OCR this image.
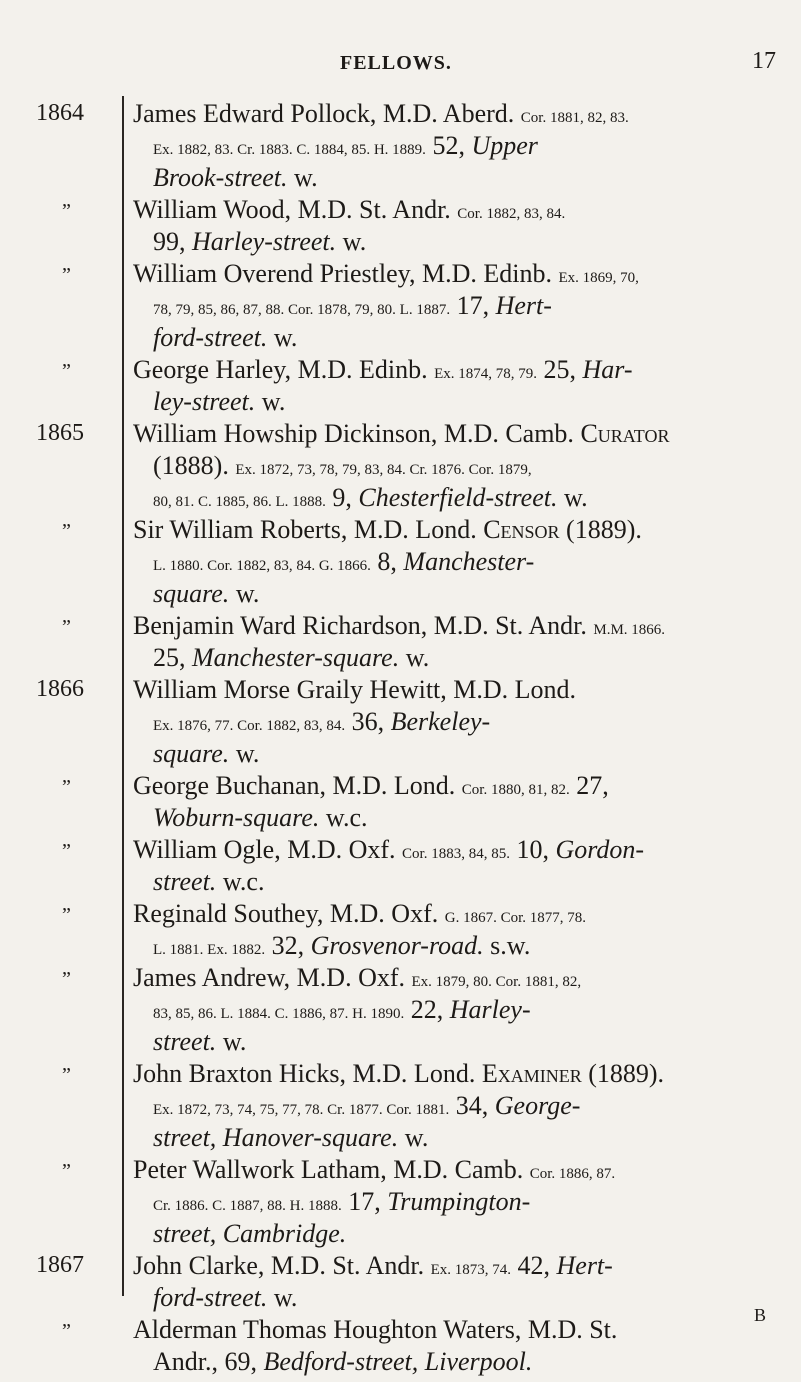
FELLOWS.	17
1864	James Edward Pollock, M.D. Aberd. Cor. 1881, 82, 83.
Ex. 1882, 83. Cr. 1883. C. 1884, 85. H. 1889. 52, Upper
Brook-street. w.
”	William Wood, M.D. St. Andr. Cor. 1882, 83, 84.
99, Harley-street. w.
”	William Overend Priestley, M.D. Edinb. Ex. 1869, 70,
78, 79, 85, 86, 87, 88. Cor. 1878, 79, 80. L. 1887. 17, Hert-
ford-street. w.
”	George Harley, M.D. Edinb. Ex. 1874, 78, 79. 25, Har-
ley-street. w.
1865	William Howship Dickinson, M.D. Camb. Curator
(1888). Ex. 1872, 73, 78, 79, 83, 84. Cr. 1876. Cor. 1879,
80, 81. C. 1885, 86. L. 1888. 9, Chesterfield-street. w.
”	Sir William Roberts, M.D. Lond. Censor (1889).
L. 1880. Cor. 1882, 83, 84. G. 1866. 8, Manchester-
square. w.
”	Benjamin Ward Richardson, M.D. St. Andr. M.M. 1866.
25, Manchester-square. w.
1866	William Morse Graily Hewitt, M.D. Lond.
Ex. 1876, 77. Cor. 1882, 83, 84. 36, Berkeley-
square. w.
”	George Buchanan, M.D. Lond. Cor. 1880, 81, 82. 27,
Woburn-square. w.c.
”	William Ogle, M.D. Oxf. Cor. 1883, 84, 85. 10, Gordon-
street. w.c.
”	Reginald Southey, M.D. Oxf. G. 1867. Cor. 1877, 78.
L. 1881. Ex. 1882. 32, Grosvenor-road. s.w.
”	James Andrew, M.D. Oxf. Ex. 1879, 80. Cor. 1881, 82,
83, 85, 86. L. 1884. C. 1886, 87. H. 1890. 22, Harley-
street. w.
”	John Braxton Hicks, M.D. Lond. Examiner (1889).
Ex. 1872, 73, 74, 75, 77, 78. Cr. 1877. Cor. 1881. 34, George-
street, Hanover-square. w.
”	Peter Wallwork Latham, M.D. Camb. Cor. 1886, 87.
Cr. 1886. C. 1887, 88. H. 1888. 17, Trumpington-
street, Cambridge.
1867	John Clarke, M.D. St. Andr. Ex. 1873, 74. 42, Hert-
ford-street. w.
”	Alderman Thomas Houghton Waters, M.D. St.
Andr., 69, Bedford-street, Liverpool.
B
